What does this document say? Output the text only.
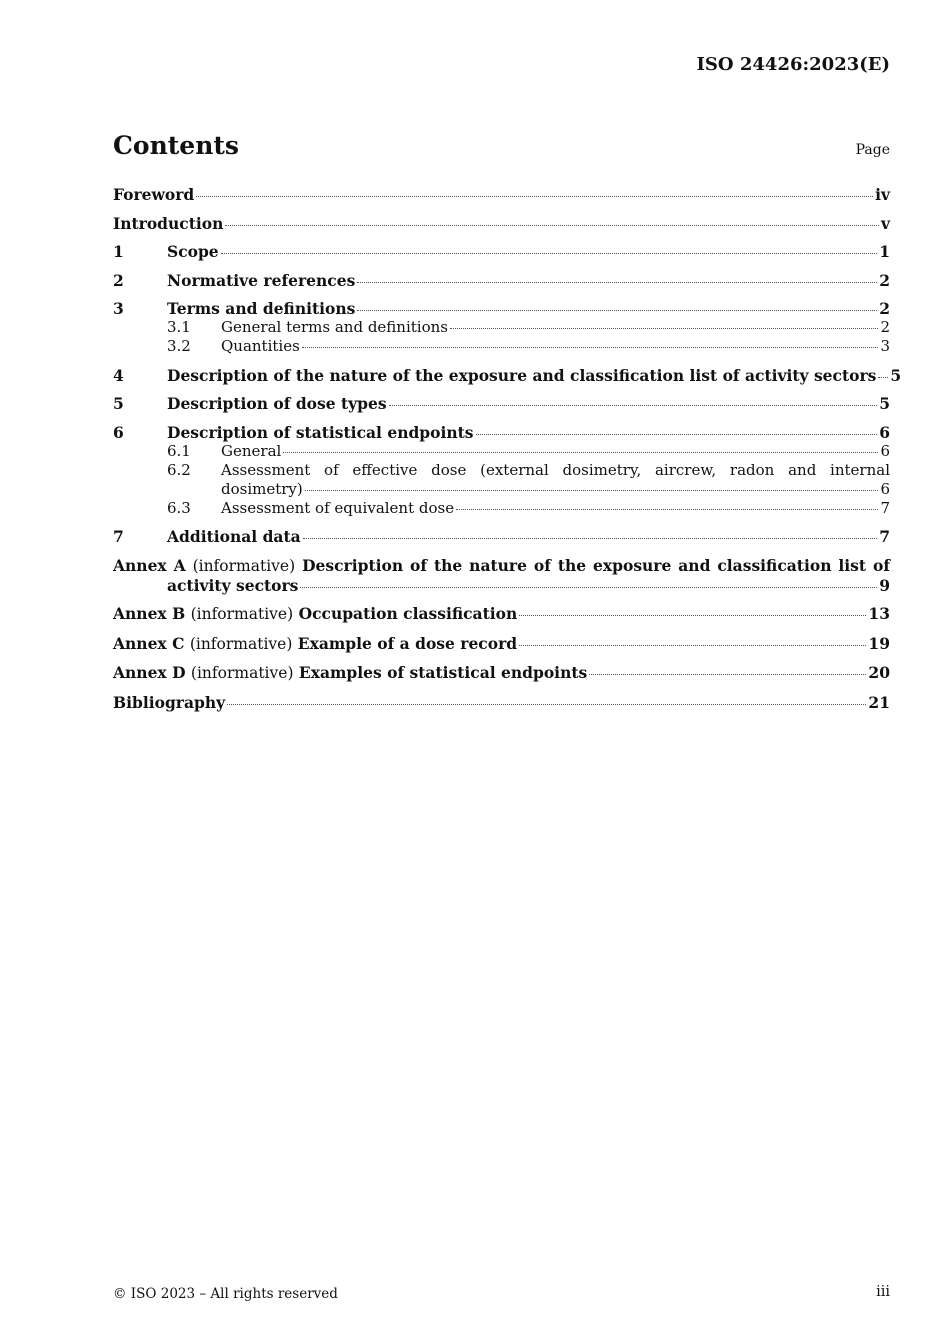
ISO 24426:2023(E)
Contents	Page
Foreword	iv
Introduction	v
1	Scope	1
2	Normative references	2
3	Terms and definitions	2
3.1	General terms and definitions	2
3.2	Quantities	3
4	Description of the nature of the exposure and classification list of activity sectors 5
5	Description of dose types	5
6	Description of statistical endpoints	6
6.1	General	6
6.2	Assessment of effective dose (external dosimetry, aircrew, radon and internal
dosimetry)	6
6.3	Assessment of equivalent dose	7
7	Additional data	7
Annex A (informative) Description of the nature of the exposure and classification list of
activity sectors	9
Annex B (informative) Occupation classification	13
Annex C (informative) Example of a dose record	19
Annex D (informative) Examples of statistical endpoints	20
Bibliography	21
© ISO 2023 – All rights reserved	iii
